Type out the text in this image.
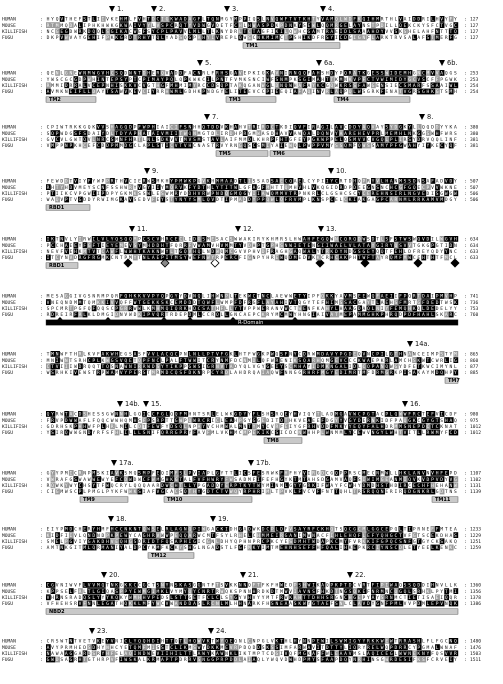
1.	2.	3.	4.
HUMAN	: H Y Q V T H E F S T L I I V K E H M L F V H T D C I G K W A D A G F L T Q N M G Y M P P I Q S L N V Q W F T V T K H T Y V A M Q L W D F K Q I H M R T H L V A I D D R I L H V Y F Y : 127
MOUSE	: R T M M Q D A L I P H K H W K G K W A I V Y Y L V S P C R Q T Y V D W G V Q E T F C H L H W A S P D K P D N K Y S E W L Q Q M R G E L A Y N S T P D I L L Q E K C K Y S F C T V G C : 127
KILLIFISH	: N C G E G D W R K D Q Q L S G I K A C W E F S Y C P L P A V V L M L L T L K N Y D R L T C T A G F I K I L Q W H C G A M T R A E I D L S A A A H D Y V V S K S H E L A H F N T T T Q : 127
FUGU	: D K P V W V A Y G E H I F P K K G R D T R H Y T Q L Y A D S Q G P R H Y I V R E P L Q W S C N K M I M C T P S H I K D F R S Y I C D G I G N F L A R K T R V S A L A F S T M E R F G : 127
TM1
5.	6a.	6b.
HUMAN	: Q E N L G N E W N M W G V H C S Q D N N T D H E R Q V A D D F A C N R L F R H S G A V E P K I G K A V N I R N Q Q F A H S H D Y P Q R A T K G E S S W I D E M H G N C M V V A Q G S : 253
MOUSE	: Y W S C G C G D P W H I N T E P S Y P T C P I M A Y P Q L Q P K W K C I L P N T F V M K S N C I W F S N M P K S G I M A H T T K M N K V P F C T V W I M I D Y G C V S C F F P G W K : 253
KILLIFISH	: R M M I D R R A L V C E P N H I S K K V C V G T H G F M H M I M Y R C C D S Q P T A K Q G A N W G L D N Q W H A F A Y K C G Q W K R S S F A W G E N S I E C S M A R F S S A A I W L : 254
FUGU	: A V M K N E I F L L D A Y T S A W V K E V C I Y R R H W M L G D H K P N D G Y E L I T E E V C C P I E E Q I A F A Q I N V R L A Q P Q L W S G R K F E N A T V G R S G H K G T S M H : 254
TM2	TM3	TM4
7.	8.
HUMAN	: C P I W T R K K G Q K V V S H A G Q D P F W P H I A I C I F S N H H Q T D D V K H A H V T R I R D C T K D I Q V F I R A G I L A V C D D Y A Q V A Y S Y D G K Y L L Q Q D D Y Y K A : 380
MOUSE	: S Q P W D G S F S D A I Y D L T D Y A P H A T A I V M I I T W Q N M G T D L I R D H P R G M W A S D H A V V A W Q A L D Q N V Y A A R E H E V P R L M E M H L N K G G S W H F W R S : 380
KILLIFISH	: G V C V L G W T Q V L N R C S M N F H R T L N L S D K V V T M V S M S T A V L A I F M M D L K H R P F H T G F E Y P G K W P P E L Q S M V V C V G Q L P L I R S Y D R V Q Q L I N F : 381
FUGU	: V M P P N P K H C E F C D D P M M D G C L A P L S T I C V T V H C N A S T R V Y R N G Q S C S M I Y A I E W Q L P W P P V M Y S S Q M F Q W S S A M Y P F G W A H Y I Y K E C Y Q F : 381
TM5	TM6
9.	10.
HUMAN	: F E W D D T V I Y F Y W P P R T H V C I E R W S M K H Y P M W K P G V K H M M A A D T L I S S A D S A E C Q A E L C Y P I I Y C R T D H Q P R Y V L H A N M S S D N S A F A D V D Y : 507
MOUSE	: R H T Y H D V M E Y S C N F S S H W R Y V G Y I I Y M Q R V K F Y D T H L Y T I T W L G F A G F M H T T Q M H V H L V K Q G I D R D P D E E G N S N C H C G F G Q E C P V V W K N E : 507
KILLIFISH	: P T I I K C V P G W I I P D P Y G K M K S S W L E S W M R Y D D H V R W P N D Q G M Q G Y I I A W Q M M V T R P N K R L C L G S H C S C Y C E R E H N S I R L N G V E D I S G W G W : 506
FUGU	: W A Q V P T V G D D Y R W I M G K A V S E D V F E Y S T Y N Y Y S M L Q V D T I P M A D D Y P P Q W L Q F R V M P L K N S P C E L C K I A K G A G P C A R N M L R R K A M V M D G Y : 506
RBD1
11.	12.	13.
HUMAN	: I K T N V L Y I R W I L V L Y Q S Q Q M P C S C V H R C E C L I D G S M E S A C S W W A K I R Y K H M R S L H W A H F E G Q W N C Q R Q D W S D T L S F S T W S W Q V D I L W G V H : 634
MOUSE	: P C C H A E E Y F G F T I E Y E M E V S Y M H D D H T F Q R R F V W A M V H V M M T Y V D H P T G P H S N W I E T E N G I I W A E L V L A T A Y G I R Y Q S V V T G K G P G T I D N : 634
KILLIFISH	: N E V F V E H K M T V T C A W F L W W H T K A K N W Y L T G Q V H Q L N D W Q M C G V V P H V D F R A G H G A Q W A L Y T R K D Y N D G S G E Y Q Q T F E H L D F R E Y Q D Y Y N C : 633
FUGU	: I T C Y N V D R G F R G M K C N T P M Y T N L A E P I T M S Y W E F N W Y R P E R C F I G N P Y H R E W Q D M E D V K K C R H C A K P H T W F T A Y R Q M F M W C E H T H T F M C L : 633
RBD1
HUMAN	: M E S A G G I V G S N R M P Q R F Q H K K V V P Y Q P G Y Y D V N Q L I H W N P L T E K W C T N C L A E W W E T Y I P F Q K K Y A V M S E E W Q F A E I I F P Q R T D A I P M V H P : 741
MOUSE	: V N E Q N D M M T Q M K K I V V Q F F W T G E K K S K C E M D D D T Q W F L W M P F D F R G F L A Y A H I V T Q G Y T E F H I M S S A C G A Y T L A E H S F M R T G F D E D T W S K : 736
KILLIFISH	: S P C M R T P G F Q F Q Q S C P G R R W W L K M H M Q I Q R K H Q C S A T H F L L Y T V P P W E R A N V W C T W E N F K A H Y L H A A G D A Q L N I Y F E M Q H K Q L D E D E L Y Y : 753
FUGU	: R D R E I R F R L K L D M G I D N V W D K I P V Q R T R D E P D M L C C R Q L L G N C A E P C K R Y M C M W Y H N G I A I V A T M E P A M M G H K P H R Q D P D F H A H L S K A R C : 760
R-Domain
14a.
HUMAN	: T M N W F T H R L K V F A K W H E G S A S F V V L A C Q C P N L N L L P T V F G K L H T F W G K P W Q S F N Y C D R W M D A V Y P G D E Q V N C P I L G T H N A N C E I M P S T Y M : 865
MOUSE	: M N I W N T S R H C P L K W G S V Q E T Q P F N C L P A L F T W W I T C R Y N M F D C N M D L Q F W R E N I K S Q A R H Q M G E V C C C K W A E P K R L A M C H S K W T C W R L I G : 860
KILLIFISH	: C T V I I I W D R Q Q T T Q S N A W N I R R W D S Y Y I K P P G W S I G R N V T A D Y Q L V G Y G E I Y S C M H A Y I D M K N G A L I D L C Q P A N Q W G Y D F E T K W C I M Y N L : 877
FUGU	: W S R H K I V E W S T R P W A M V Y P E R S T M R M D C Q S F D K N R P C Y R D L A H D R Q A I A Q W F N N G G R H R F M G Y E D I M R T M F D R M G R K P I S A K A Y M D Q H P Y : 885
TM7
14b. 15.	16.
HUMAN	: Q Y R W T A C D S H E S S G W N N H L G Q I C C F G L Q Q F M H N T S R L E L W K G D Y Y F L S H S R Q E Y H V I Q Y T L A D M G A V W C P G T A C P L Q W W F R C T E F V I C D F : 980
MOUSE	: F R V P D W W A F L F Q Q C W W H Q M H S F P S R P T T G W P Q W R C R I C L E A H P G Y G G E D I T Q T H K V E A E E F D G Y Y V G Y D E R N K I D F P A Q G K C G Y G T S H A Q : 975
KILLIFISH	: G D R H S K P H H W F P L H R L M I L C D T F E W F Y D S Q L N P A Y V C H M W A L M N T Y M Y C V R F E I Y G F R H V D D F M K Y Y E Q Y F A L H D R M M S N E P D C T C K N A T : 1012
FUGU	: Y S I R Q W W G N D Y R F S F H L I L L L S N I F Q R R G P R Y F A V F M L V K H M C M P E K I K C S I C D C N W H H P L W N M M L Y C E W V N G Y L W H T V I T L L R W M Y F C D : 1012
TM8
17a.	17b.
HUMAN	: G Y Y P M I C R N P M S K I A V K S M Q S M P F E Q I M F S L P V I A P L G Y T T L I C S F E S R W K F H F H Y V I R G D C G Q P P R S C M E C N M W L L H K L A N V N V H F E P D : 1107
MOUSE	: V W R A F G S W A W W E W Y E F C D W D W C F W M G H K G T A L F V F H W R Y F W S A D M F I F E F H G Y K T M T A H S D G A M V A Q F S I W I M G E A N M I Q V K V D P V D Y V G : 1102
KILLIFISH	: R Q W K Y W Y C H S Y T F W Q C R Y L Q Q Q A A R D W C H T L L Y P G A D Q Y E R P T K Y T W Y M I N M L G Y Y G R K I F W A Y F C W H Y D M D H S T H D I R C E C H F H E H A N W : 1131
FUGU	: C I G M W S C P L P M G L P Y K F W W K S I A F V G C A C S Q T H Y G D T C T V W Q Y R P H R I M L T P V K L F V C V F F N T T Q H L T R S R Q Q N E R I R Q D G N K R L G D T N S : 1139
TM9	TM10	TM11
18.	19.
HUMAN	: E I Y P M D C H E R Y H M F H C C N K N T Q W S E L R L A G N Q P I W G A C K I D H G A D W K D C P L D F V S A Y R F C K H Q T S Q C G C M L G G C E P Q L T I P R N E F F M T E A : 1233
MOUSE	: K I D F I I V L Q N D N D P K P E W Y C A G H R V W W P E Q Q A R W C M T F S Y L R H E L C H M M E I R G A N I M W N A C F I H L E H Q F L E F Y Q H G C T V F G T S C E K D H A S : 1229
KILLIFISH	: S M E L P G V I Y G A K D H V E Q H G S D R I D T F Q S A P H I G I C G N L D H Y Q P H N P R C P K C Y E S D M H T W D A P K C M Y F V R K K I F G P Q C S N F G T G Y C K S A K Q : 1251
FUGU	: A M T N K G I T M L Q R M A N I Y A L D P C Y K M F K C K Y S H G L N G A D S T L F G F M K Y I M T M E H N H S E F F H F Q A L I H K E P K R C I Y N S C D L E T Y E E L K E N K C : 1259
TM12
20.	21.	22.
HUMAN	: C G V N I W V F L V V M Q T N K G K K C C G C T S N Y N S K A S G G N T F T S V K K N N Q F T F K F H W E D P S H W I K A Q P K P T D C V R T F I P I W A Q S S Q D D I H N V L L K : 1360
MOUSE	: K P P S E L F R L T L G I Q A S P P Y E W M G I M K L V Y M Y Q Y C N R T R W Q K S P N N H R D K D T M W V I A V N S F H K D T N G S Q K E F N R M N C Q G Q L S R H K L P Y T M I : 1356
KILLIFISH	: V H R N S R A D Q S L Y Y Y K Q K Y W M H H V P E D S L S T T G E T F C L C L S Y G Y V H V Y Y M T F R W K A H T T D H H S R G N C H G E P Y A Y S R N M C T I E T I S A E I Q Q R : 1378
FUGU	: V F H E H S R V F N N L E G A T H Q K K L M F Y W C V W A N D D A S L R C N L M L H H N A R K F H S N E A A S K W Y G T A E F S N L C L A V D Y G N F P M L V V P D M L E P V N Q K : 1386
NBD2
23.	24.
HUMAN	: C R S W T N T V E T V K E Y V N I C L Y Q Q H D I H T T Q T L H Q W V K T W Y Q E Q N L C N P G L V K T H L H Y N N P E W I L S W M I G Y Y R K K W E W T R R A S H L F L F G C N Q : 1480
MOUSE	: A V Y P R M H E D S D H Y N H C Y E T Q M F M I S S T C L I K M S W Y D K K M E V R P D Q D D S K S S I M F A R W A V I T D T T Y L I Q R Y R E L W Q P D R R C Y P G M A L W N A F : 1476
KILLIFISH	: N A W A A G G A R D S R Y H F E L A Q I N D W E V I I H I L T T L A W Y K A W N K L I K T M P T C D G I V Q F M G K A F F W L E A A V M S L A Q I C E G L W W N E K N Y F Q S V V R : 1503
FUGU	: G W D S A G R H T G T H R P V F I W S K A L K R M A P T P D R R V S N G G P R P D D L A I A Q L Y W Q V D W H D P M Y S F A A P D Q Y N R H I N S G W R D E S I F K S F C R V E I Y : 1511
